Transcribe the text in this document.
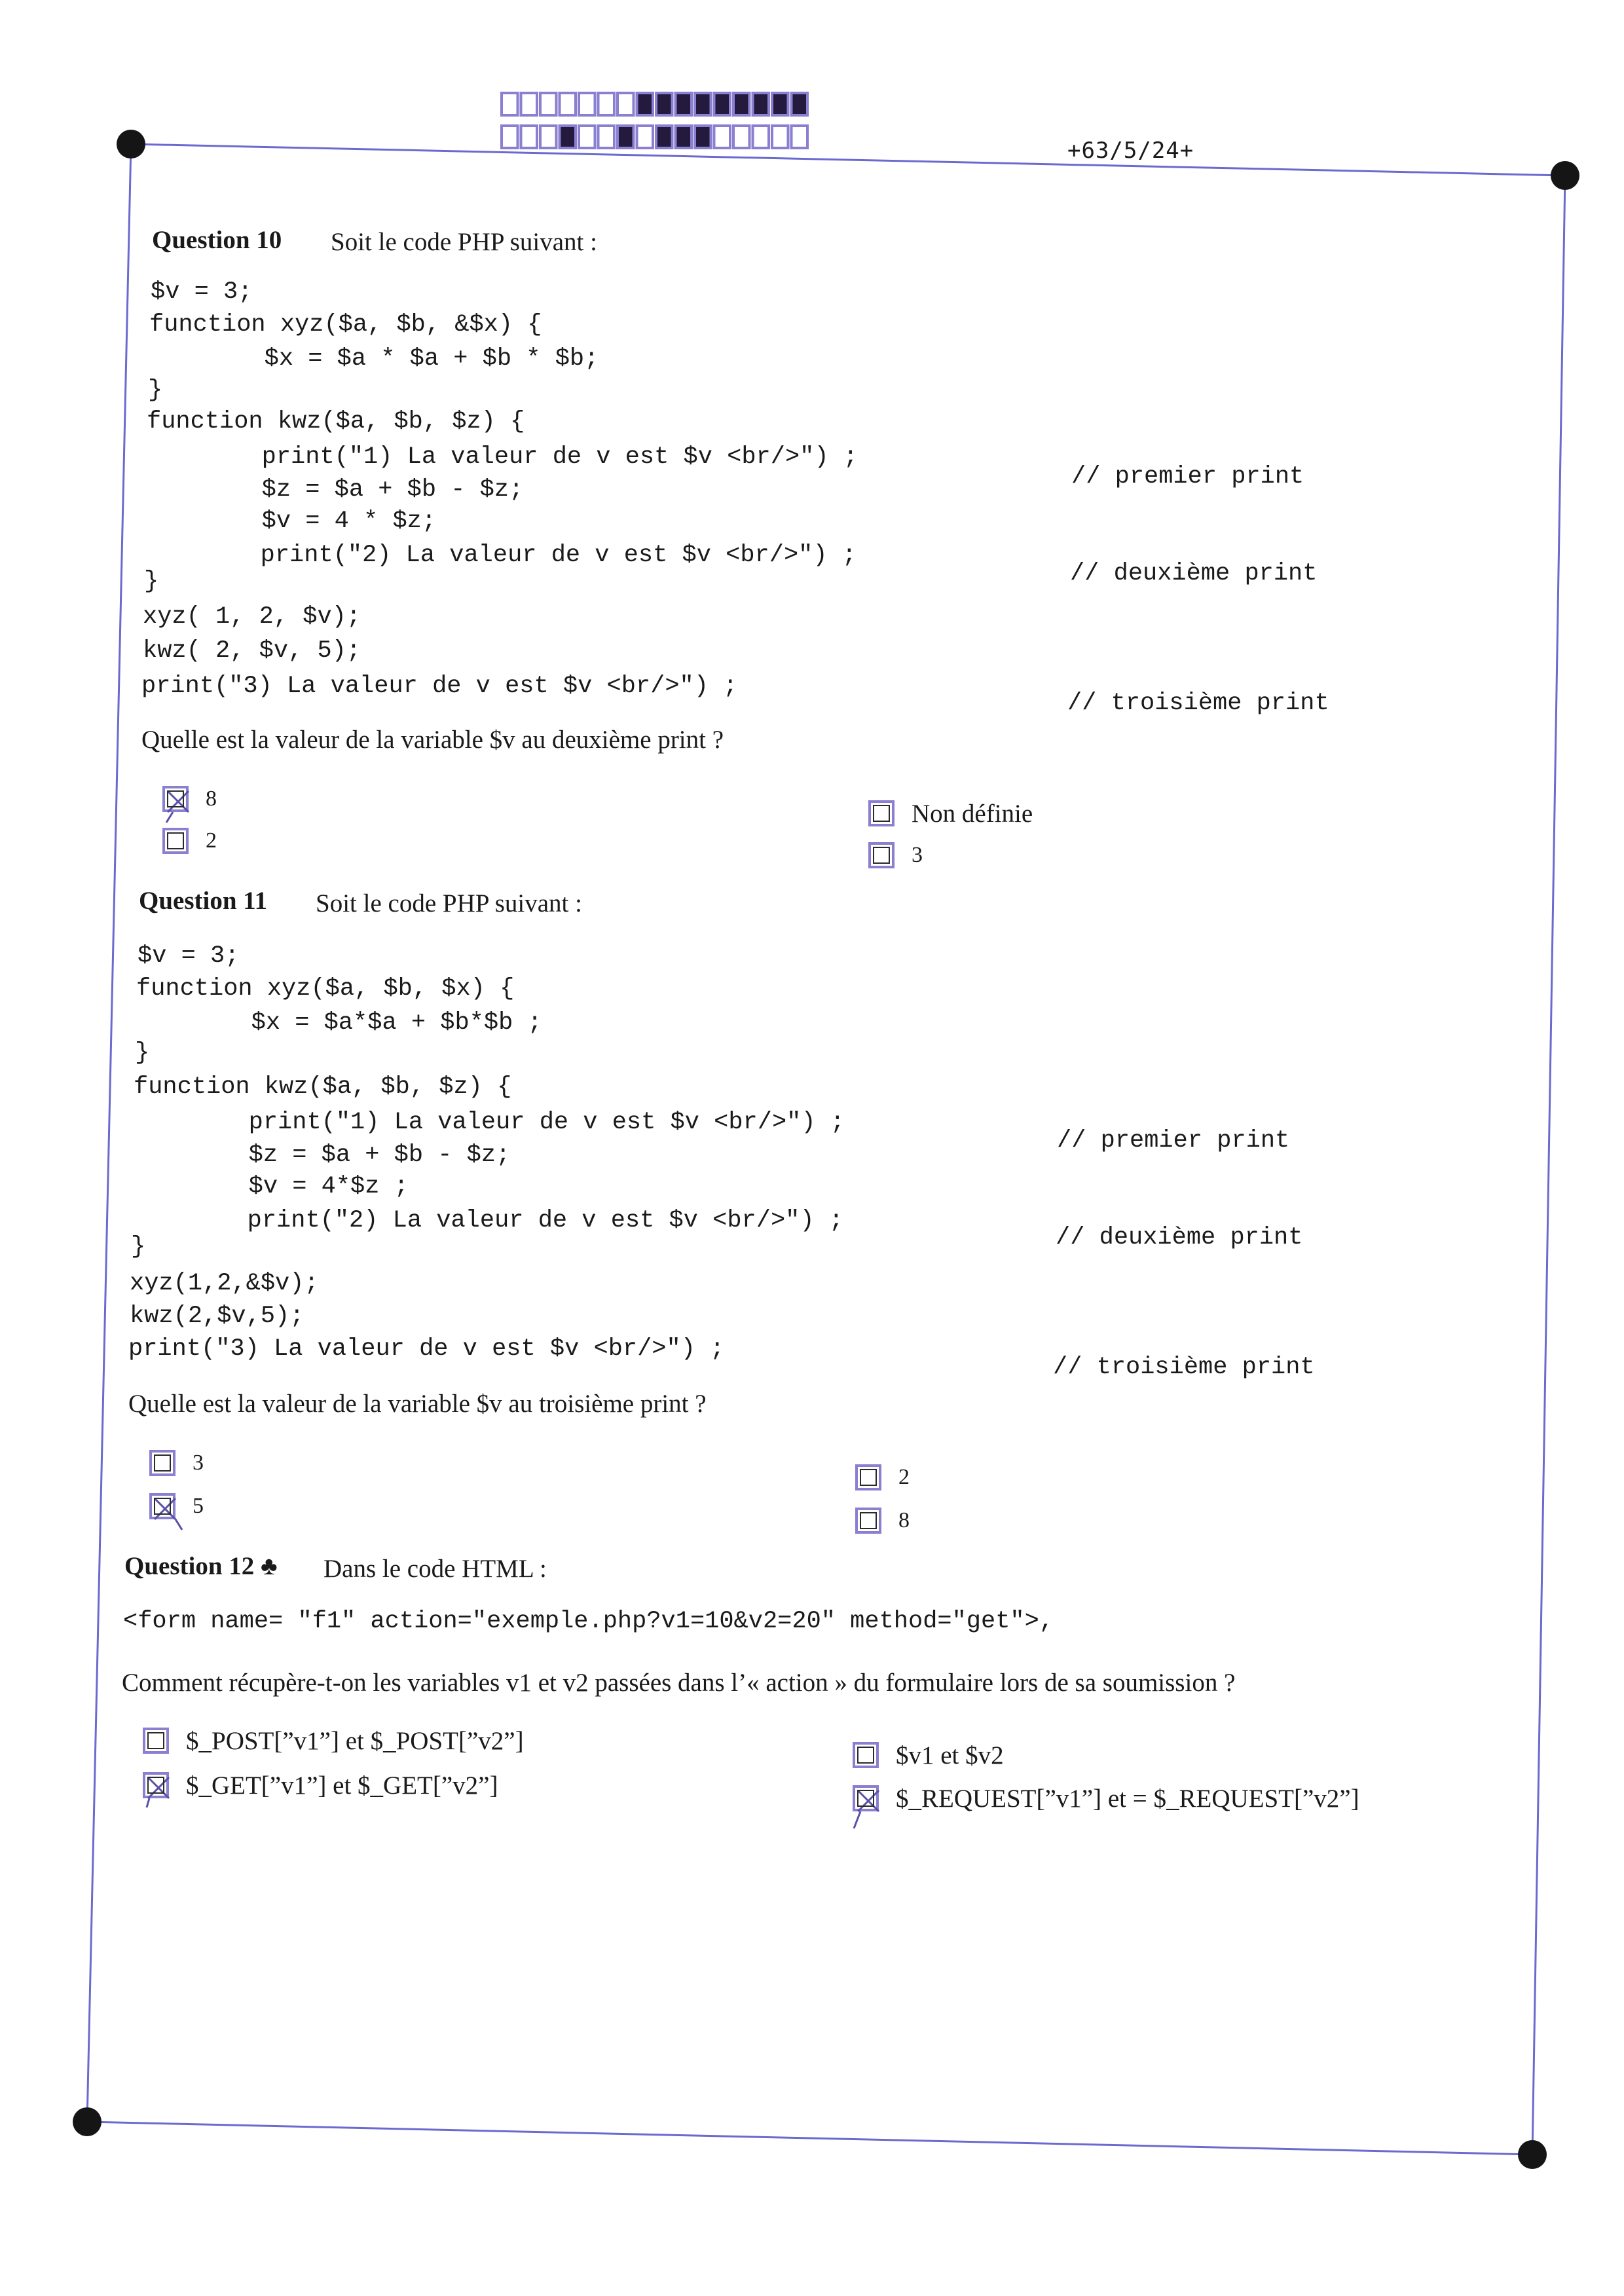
+63/5/24+
Question 10 Soit le code PHP suivant :
$v = 3;
function xyz($a, $b, &$x) {
$x = $a * $a + $b * $b;
}
function kwz($a, $b, $z) {
print("1) La valeur de v est $v <br/>") ;
$z = $a + $b - $z;
$v = 4 * $z;
print("2) La valeur de v est $v <br/>") ;
}
xyz( 1, 2, $v);
kwz( 2, $v, 5);
print("3) La valeur de v est $v <br/>") ;
// premier print
// deuxième print
// troisième print
Quelle est la valeur de la variable $v au deuxième print ?
8
2
Non définie
3
Question 11 Soit le code PHP suivant :
$v = 3;
function xyz($a, $b, $x) {
$x = $a*$a + $b*$b ;
}
function kwz($a, $b, $z) {
print("1) La valeur de v est $v <br/>") ;
$z = $a + $b - $z;
$v = 4*$z ;
print("2) La valeur de v est $v <br/>") ;
}
xyz(1,2,&$v);
kwz(2,$v,5);
print("3) La valeur de v est $v <br/>") ;
// premier print
// deuxième print
// troisième print
Quelle est la valeur de la variable $v au troisième print ?
3
5
2
8
Question 12 ♣ Dans le code HTML :
<form name= "f1" action="exemple.php?v1=10&v2=20" method="get">,
Comment récupère-t-on les variables v1 et v2 passées dans l’« action » du formulaire lors de sa soumission ?
$_POST[”v1”] et $_POST[”v2”]
$_GET[”v1”] et $_GET[”v2”]
$v1 et $v2
$_REQUEST[”v1”] et = $_REQUEST[”v2”]
